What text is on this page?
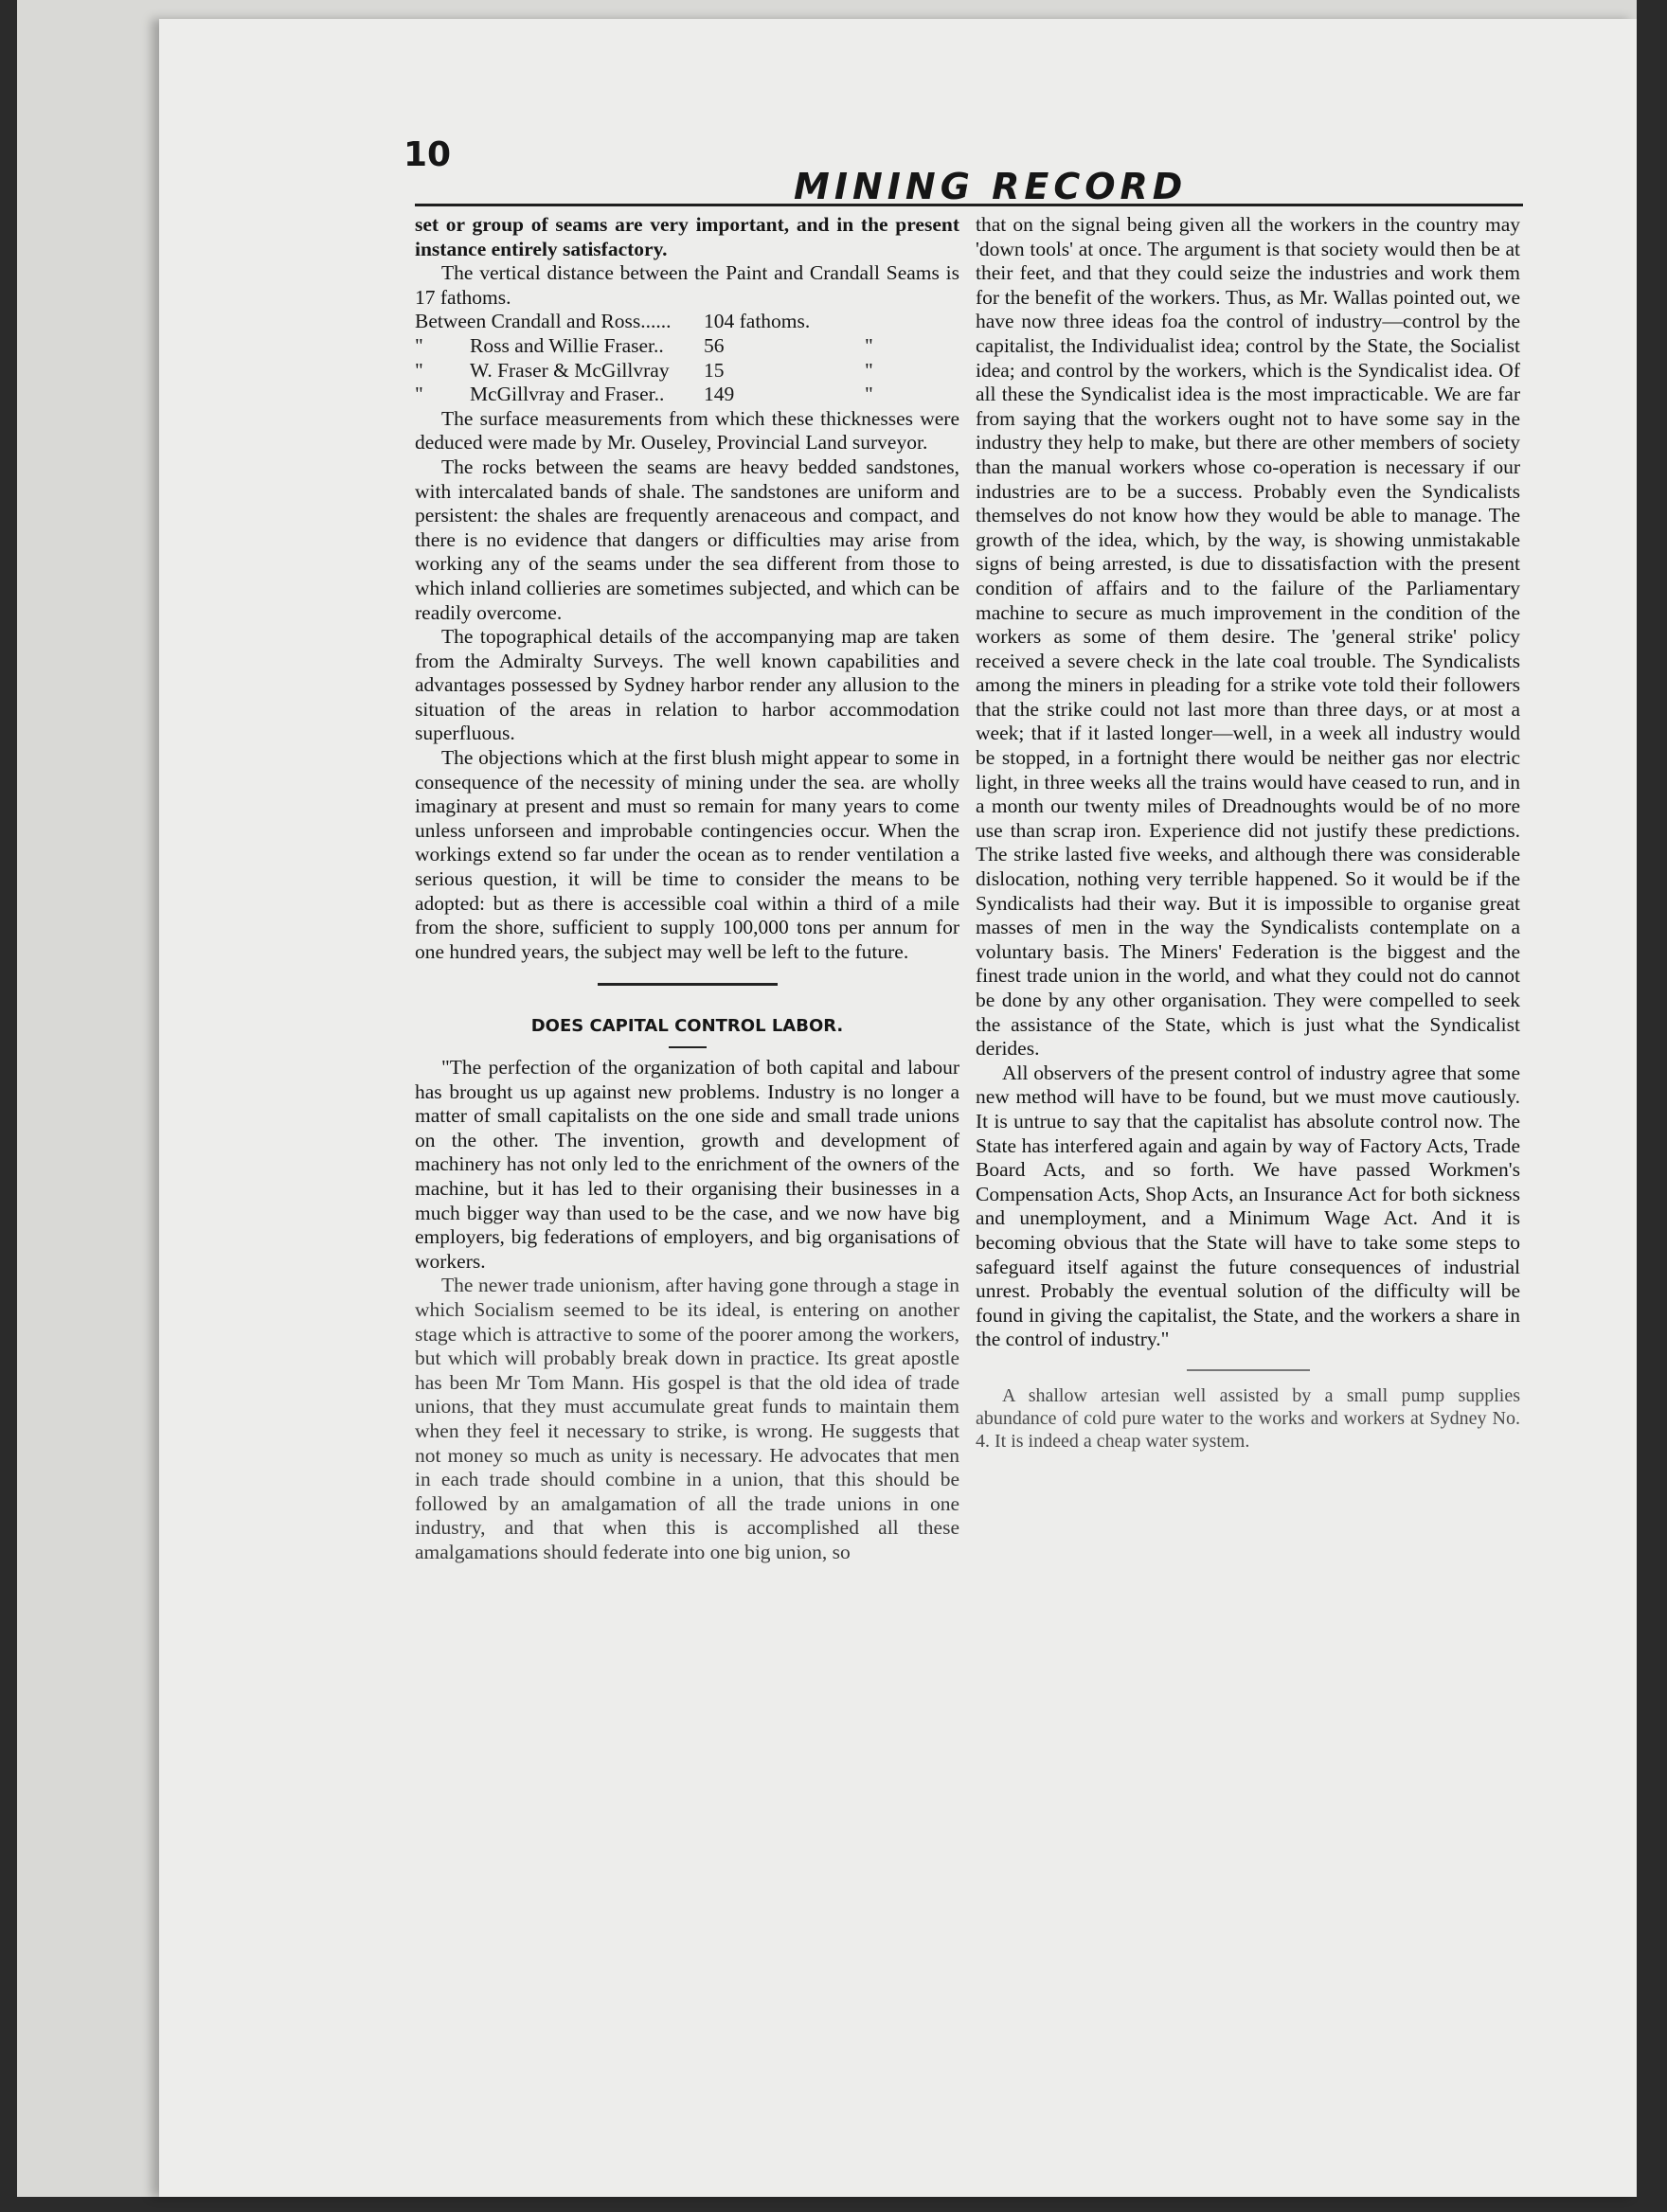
10
MINING RECORD

set or group of seams are very important, and in the present instance entirely satisfactory.

The vertical distance between the Paint and Crandall Seams is 17 fathoms.

Between Crandall and Ross......	104 fathoms.
"	Ross and Willie Fraser..	56	"
"	W. Fraser & McGillvray	15	"
"	McGillvray and Fraser..	149	"

The surface measurements from which these thicknesses were deduced were made by Mr. Ouseley, Provincial Land surveyor.

The rocks between the seams are heavy bedded sandstones, with intercalated bands of shale. The sandstones are uniform and persistent: the shales are frequently arenaceous and compact, and there is no evidence that dangers or difficulties may arise from working any of the seams under the sea different from those to which inland collieries are sometimes subjected, and which can be readily overcome.

The topographical details of the accompanying map are taken from the Admiralty Surveys. The well known capabilities and advantages possessed by Sydney harbor render any allusion to the situation of the areas in relation to harbor accommodation superfluous.

The objections which at the first blush might appear to some in consequence of the necessity of mining under the sea. are wholly imaginary at present and must so remain for many years to come unless unforseen and improbable contingencies occur. When the workings extend so far under the ocean as to render ventilation a serious question, it will be time to consider the means to be adopted: but as there is accessible coal within a third of a mile from the shore, sufficient to supply 100,000 tons per annum for one hundred years, the subject may well be left to the future.

DOES CAPITAL CONTROL LABOR.

"The perfection of the organization of both capital and labour has brought us up against new problems. Industry is no longer a matter of small capitalists on the one side and small trade unions on the other. The invention, growth and development of machinery has not only led to the enrichment of the owners of the machine, but it has led to their organising their businesses in a much bigger way than used to be the case, and we now have big employers, big federations of employers, and big organisations of workers.

The newer trade unionism, after having gone through a stage in which Socialism seemed to be its ideal, is entering on another stage which is attractive to some of the poorer among the workers, but which will probably break down in practice. Its great apostle has been Mr Tom Mann. His gospel is that the old idea of trade unions, that they must accumulate great funds to maintain them when they feel it necessary to strike, is wrong. He suggests that not money so much as unity is necessary. He advocates that men in each trade should combine in a union, that this should be followed by an amalgamation of all the trade unions in one industry, and that when this is accomplished all these amalgamations should federate into one big union, so

that on the signal being given all the workers in the country may 'down tools' at once. The argument is that society would then be at their feet, and that they could seize the industries and work them for the benefit of the workers. Thus, as Mr. Wallas pointed out, we have now three ideas foa the control of industry—control by the capitalist, the Individualist idea; control by the State, the Socialist idea; and control by the workers, which is the Syndicalist idea. Of all these the Syndicalist idea is the most impracticable. We are far from saying that the workers ought not to have some say in the industry they help to make, but there are other members of society than the manual workers whose co-operation is necessary if our industries are to be a success. Probably even the Syndicalists themselves do not know how they would be able to manage. The growth of the idea, which, by the way, is showing unmistakable signs of being arrested, is due to dissatisfaction with the present condition of affairs and to the failure of the Parliamentary machine to secure as much improvement in the condition of the workers as some of them desire. The 'general strike' policy received a severe check in the late coal trouble. The Syndicalists among the miners in pleading for a strike vote told their followers that the strike could not last more than three days, or at most a week; that if it lasted longer—well, in a week all industry would be stopped, in a fortnight there would be neither gas nor electric light, in three weeks all the trains would have ceased to run, and in a month our twenty miles of Dreadnoughts would be of no more use than scrap iron. Experience did not justify these predictions. The strike lasted five weeks, and although there was considerable dislocation, nothing very terrible happened. So it would be if the Syndicalists had their way. But it is impossible to organise great masses of men in the way the Syndicalists contemplate on a voluntary basis. The Miners' Federation is the biggest and the finest trade union in the world, and what they could not do cannot be done by any other organisation. They were compelled to seek the assistance of the State, which is just what the Syndicalist derides.

All observers of the present control of industry agree that some new method will have to be found, but we must move cautiously. It is untrue to say that the capitalist has absolute control now. The State has interfered again and again by way of Factory Acts, Trade Board Acts, and so forth. We have passed Workmen's Compensation Acts, Shop Acts, an Insurance Act for both sickness and unemployment, and a Minimum Wage Act. And it is becoming obvious that the State will have to take some steps to safeguard itself against the future consequences of industrial unrest. Probably the eventual solution of the difficulty will be found in giving the capitalist, the State, and the workers a share in the control of industry."

A shallow artesian well assisted by a small pump supplies abundance of cold pure water to the works and workers at Sydney No. 4. It is indeed a cheap water system.
